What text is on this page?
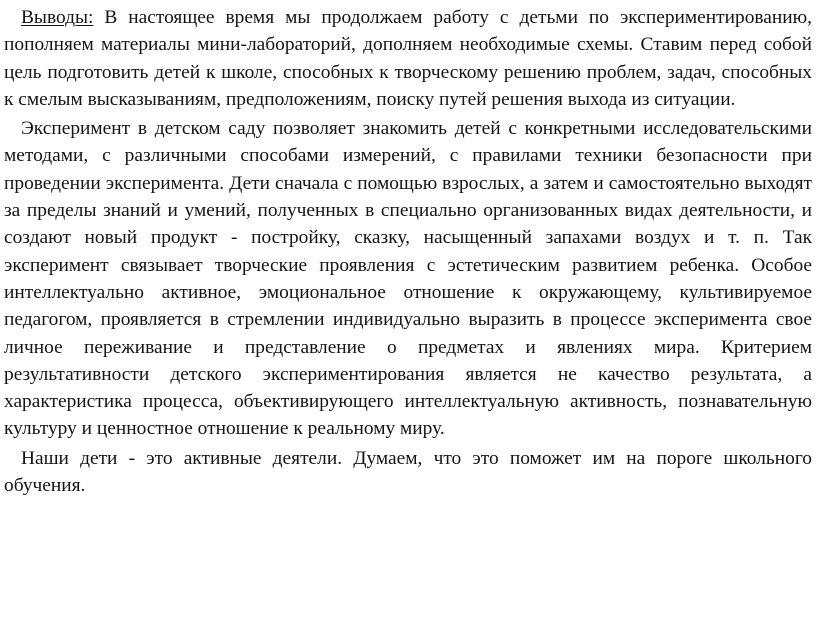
Выводы: В настоящее время мы продолжаем работу с детьми по экспериментированию, пополняем материалы мини-лабораторий, дополняем необходимые схемы. Ставим перед собой цель подготовить детей к школе, способных к творческому решению проблем, задач, способных к смелым высказываниям, предположениям, поиску путей решения выхода из ситуации.

Эксперимент в детском саду позволяет знакомить детей с конкретными исследовательскими методами, с различными способами измерений, с правилами техники безопасности при проведении эксперимента. Дети сначала с помощью взрослых, а затем и самостоятельно выходят за пределы знаний и умений, полученных в специально организованных видах деятельности, и создают новый продукт - постройку, сказку, насыщенный запахами воздух и т. п. Так эксперимент связывает творческие проявления с эстетическим развитием ребенка. Особое интеллектуально активное, эмоциональное отношение к окружающему, культивируемое педагогом, проявляется в стремлении индивидуально выразить в процессе эксперимента свое личное переживание и представление о предметах и явлениях мира. Критерием результативности детского экспериментирования является не качество результата, а характеристика процесса, объективирующего интеллектуальную активность, познавательную культуру и ценностное отношение к реальному миру.

Наши дети - это активные деятели. Думаем, что это поможет им на пороге школьного обучения.
